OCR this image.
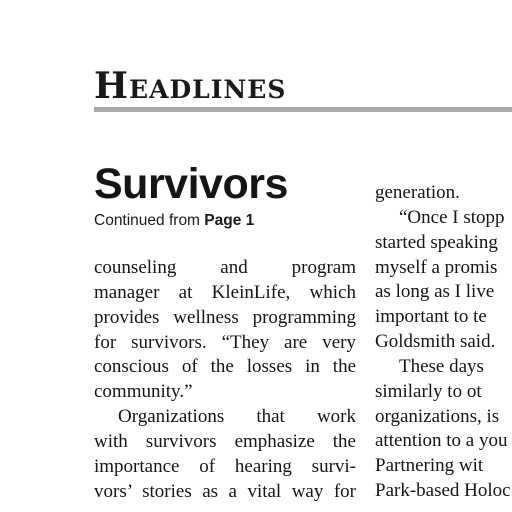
Headlines
Survivors
Continued from Page 1
counseling and program
manager at KleinLife, which
provides wellness programming
for survivors. “They are very
conscious of the losses in the
community.”
Organizations that work
with survivors emphasize the
importance of hearing survi-
vors’ stories as a vital way for
generation.
“Once I stopp
started speaking
myself a promis
as long as I live
important to te
Goldsmith said.
These days
similarly to ot
organizations, is
attention to a you
Partnering wit
Park-based Holoc
